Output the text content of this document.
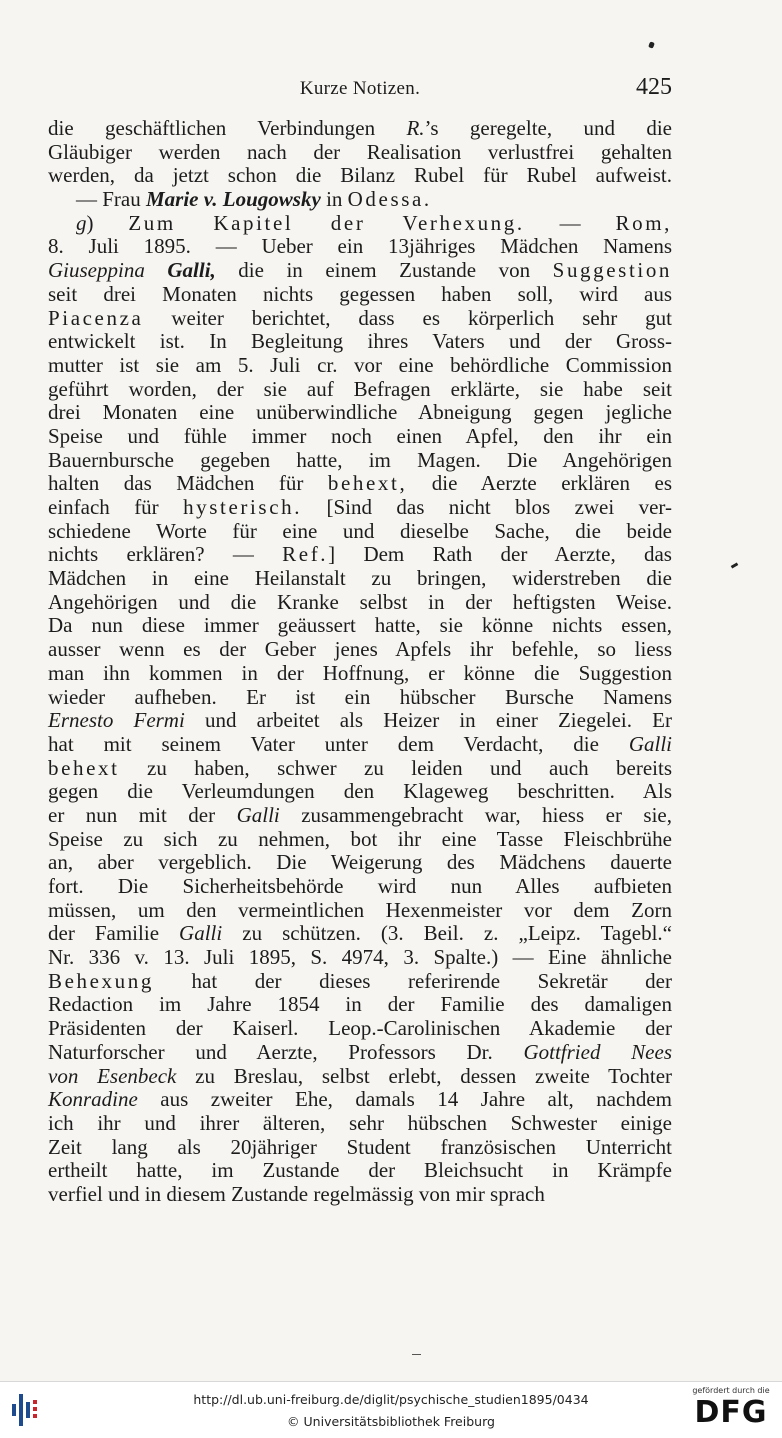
Kurze Notizen.	425
die geschäftlichen Verbindungen R.’s geregelte, und die
Gläubiger werden nach der Realisation verlustfrei gehalten
werden, da jetzt schon die Bilanz Rubel für Rubel aufweist.
— Frau Marie v. Lougowsky in Odessa.
g) Zum Kapitel der Verhexung. — Rom,
8. Juli 1895. — Ueber ein 13jähriges Mädchen Namens
Giuseppina Galli, die in einem Zustande von Suggestion
seit drei Monaten nichts gegessen haben soll, wird aus
Piacenza weiter berichtet, dass es körperlich sehr gut
entwickelt ist. In Begleitung ihres Vaters und der Gross-
mutter ist sie am 5. Juli cr. vor eine behördliche Commission
geführt worden, der sie auf Befragen erklärte, sie habe seit
drei Monaten eine unüberwindliche Abneigung gegen jegliche
Speise und fühle immer noch einen Apfel, den ihr ein
Bauernbursche gegeben hatte, im Magen. Die Angehörigen
halten das Mädchen für behext, die Aerzte erklären es
einfach für hysterisch. [Sind das nicht blos zwei ver-
schiedene Worte für eine und dieselbe Sache, die beide
nichts erklären? — Ref.] Dem Rath der Aerzte, das
Mädchen in eine Heilanstalt zu bringen, widerstreben die
Angehörigen und die Kranke selbst in der heftigsten Weise.
Da nun diese immer geäussert hatte, sie könne nichts essen,
ausser wenn es der Geber jenes Apfels ihr befehle, so liess
man ihn kommen in der Hoffnung, er könne die Suggestion
wieder aufheben. Er ist ein hübscher Bursche Namens
Ernesto Fermi und arbeitet als Heizer in einer Ziegelei. Er
hat mit seinem Vater unter dem Verdacht, die Galli
behext zu haben, schwer zu leiden und auch bereits
gegen die Verleumdungen den Klageweg beschritten. Als
er nun mit der Galli zusammengebracht war, hiess er sie,
Speise zu sich zu nehmen, bot ihr eine Tasse Fleischbrühe
an, aber vergeblich. Die Weigerung des Mädchens dauerte
fort. Die Sicherheitsbehörde wird nun Alles aufbieten
müssen, um den vermeintlichen Hexenmeister vor dem Zorn
der Familie Galli zu schützen. (3. Beil. z. „Leipz. Tagebl.“
Nr. 336 v. 13. Juli 1895, S. 4974, 3. Spalte.) — Eine ähnliche
Behexung hat der dieses referirende Sekretär der
Redaction im Jahre 1854 in der Familie des damaligen
Präsidenten der Kaiserl. Leop.-Carolinischen Akademie der
Naturforscher und Aerzte, Professors Dr. Gottfried Nees
von Esenbeck zu Breslau, selbst erlebt, dessen zweite Tochter
Konradine aus zweiter Ehe, damals 14 Jahre alt, nachdem
ich ihr und ihrer älteren, sehr hübschen Schwester einige
Zeit lang als 20jähriger Student französischen Unterricht
ertheilt hatte, im Zustande der Bleichsucht in Krämpfe
verfiel und in diesem Zustande regelmässig von mir sprach
http://dl.ub.uni-freiburg.de/diglit/psychische_studien1895/0434
© Universitätsbibliothek Freiburg
gefördert durch die
DFG
